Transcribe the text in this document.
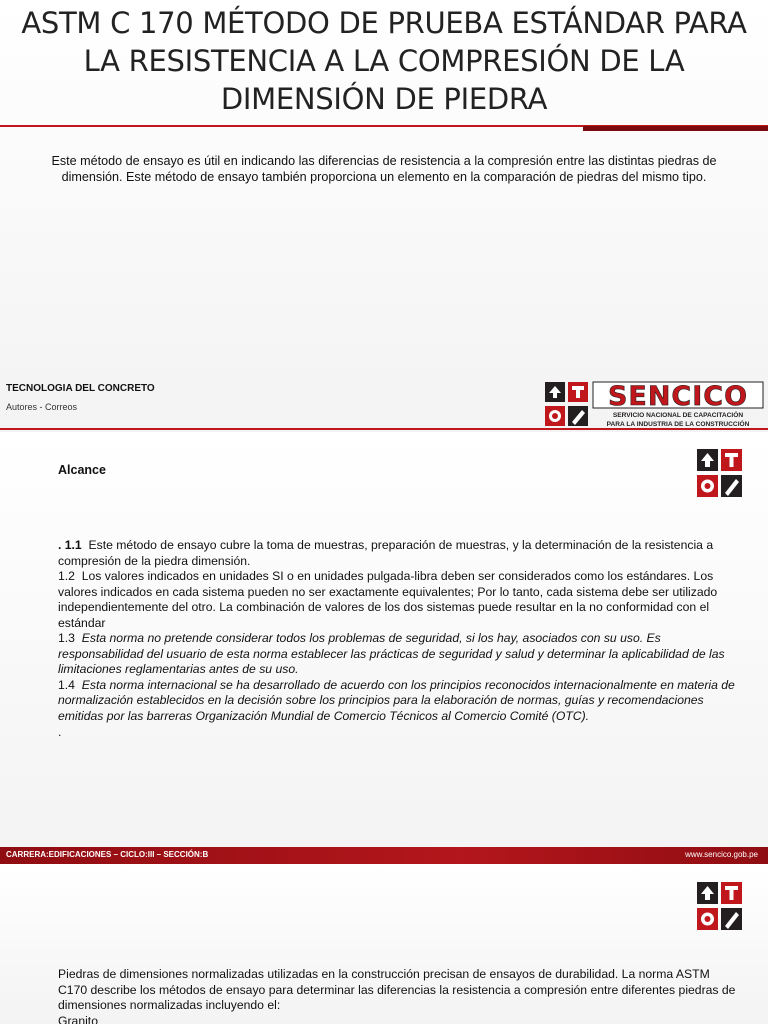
ASTM C 170 MÉTODO DE PRUEBA ESTÁNDAR PARA LA RESISTENCIA A LA COMPRESIÓN DE LA DIMENSIÓN DE PIEDRA
Este método de ensayo es útil en indicando las diferencias de resistencia a la compresión entre las distintas piedras de dimensión. Este método de ensayo también proporciona un elemento en la comparación de piedras del mismo tipo.
TECNOLOGIA DEL CONCRETO
Autores - Correos	SENCICO
SERVICIO NACIONAL DE CAPACITACIÓN
PARA LA INDUSTRIA DE LA CONSTRUCCIÓN
Alcance

. 1.1 Este método de ensayo cubre la toma de muestras, preparación de muestras, y la determinación de la resistencia a compresión de la piedra dimensión.

1.2 Los valores indicados en unidades SI o en unidades pulgada-libra deben ser considerados como los estándares. Los valores indicados en cada sistema pueden no ser exactamente equivalentes; Por lo tanto, cada sistema debe ser utilizado independientemente del otro. La combinación de valores de los dos sistemas puede resultar en la no conformidad con el estándar

1.3 Esta norma no pretende considerar todos los problemas de seguridad, si los hay, asociados con su uso. Es responsabilidad del usuario de esta norma establecer las prácticas de seguridad y salud y determinar la aplicabilidad de las limitaciones reglamentarias antes de su uso.

1.4 Esta norma internacional se ha desarrollado de acuerdo con los principios reconocidos internacionalmente en materia de normalización establecidos en la decisión sobre los principios para la elaboración de normas, guías y recomendaciones emitidas por las barreras Organización Mundial de Comercio Técnicos al Comercio Comité (OTC).

.

CARRERA:EDIFICACIONES – CICLO:III – SECCIÓN:B	www.sencico.gob.pe

Piedras de dimensiones normalizadas utilizadas en la construcción precisan de ensayos de durabilidad. La norma ASTM C170 describe los métodos de ensayo para determinar las diferencias la resistencia a compresión entre diferentes piedras de dimensiones normalizadas incluyendo el:

Granito
